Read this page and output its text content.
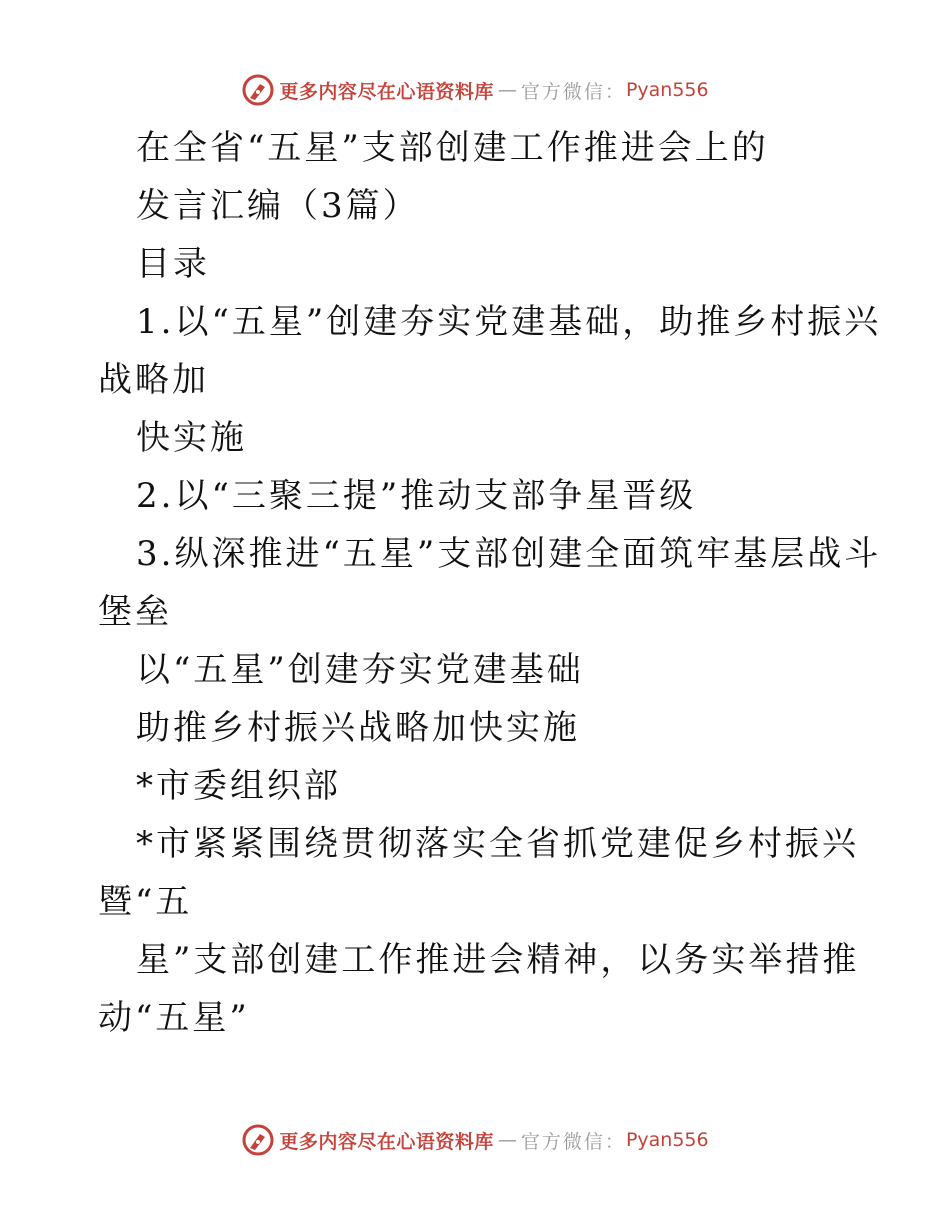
更多内容尽在心语资料库 — 官方微信： Pyan556
在全省“五星”支部创建工作推进会上的
发言汇编（3篇）
目录
1.以“五星”创建夯实党建基础，助推乡村振兴
战略加
快实施
2.以“三聚三提”推动支部争星晋级
3.纵深推进“五星”支部创建全面筑牢基层战斗
堡垒
以“五星”创建夯实党建基础
助推乡村振兴战略加快实施
*市委组织部
*市紧紧围绕贯彻落实全省抓党建促乡村振兴
暨“五
星”支部创建工作推进会精神，以务实举措推
动“五星”
更多内容尽在心语资料库 — 官方微信： Pyan556
